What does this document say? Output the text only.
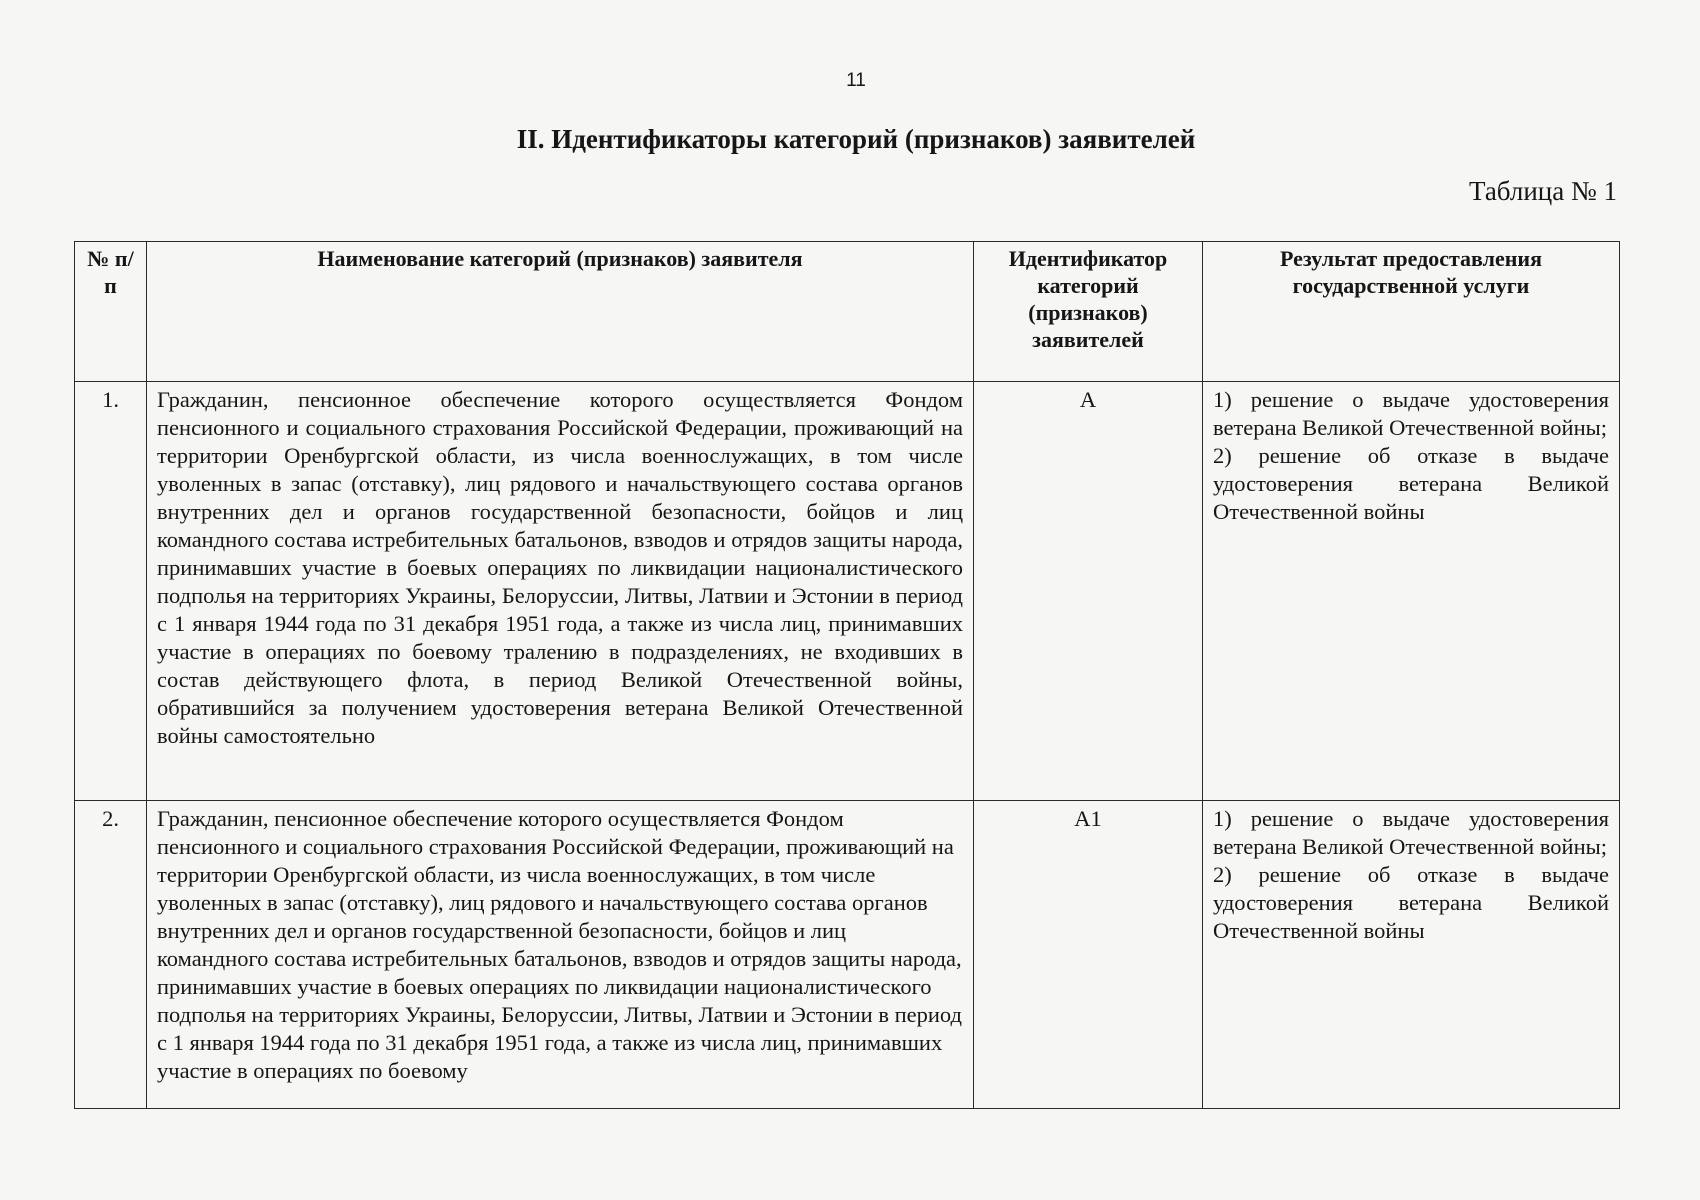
11
II. Идентификаторы категорий (признаков) заявителей
Таблица № 1
№ п/п	Наименование категорий (признаков) заявителя	Идентификатор категорий (признаков) заявителей	Результат предоставления государственной услуги
1.	Гражданин, пенсионное обеспечение которого осуществляется Фондом пенсионного и социального страхования Российской Федерации, проживающий на территории Оренбургской области, из числа военнослужащих, в том числе уволенных в запас (отставку), лиц рядового и начальствующего состава органов внутренних дел и органов государственной безопасности, бойцов и лиц командного состава истребительных батальонов, взводов и отрядов защиты народа, принимавших участие в боевых операциях по ликвидации националистического подполья на территориях Украины, Белоруссии, Литвы, Латвии и Эстонии в период с 1 января 1944 года по 31 декабря 1951 года, а также из числа лиц, принимавших участие в операциях по боевому тралению в подразделениях, не входивших в состав действующего флота, в период Великой Отечественной войны, обратившийся за получением удостоверения ветерана Великой Отечественной войны самостоятельно	А	1) решение о выдаче удостоверения ветерана Великой Отечественной войны;
2) решение об отказе в выдаче удостоверения ветерана Великой Отечественной войны

2.	Гражданин, пенсионное обеспечение которого осуществляется Фондом пенсионного и социального страхования Российской Федерации, проживающий на территории Оренбургской области, из числа военнослужащих, в том числе уволенных в запас (отставку), лиц рядового и начальствующего состава органов внутренних дел и органов государственной безопасности, бойцов и лиц командного состава истребительных батальонов, взводов и отрядов защиты народа, принимавших участие в боевых операциях по ликвидации националистического подполья на территориях Украины, Белоруссии, Литвы, Латвии и Эстонии в период с 1 января 1944 года по 31 декабря 1951 года, а также из числа лиц, принимавших участие в операциях по боевому	А1	1) решение о выдаче удостоверения ветерана Великой Отечественной войны;
2) решение об отказе в выдаче удостоверения ветерана Великой Отечественной войны
